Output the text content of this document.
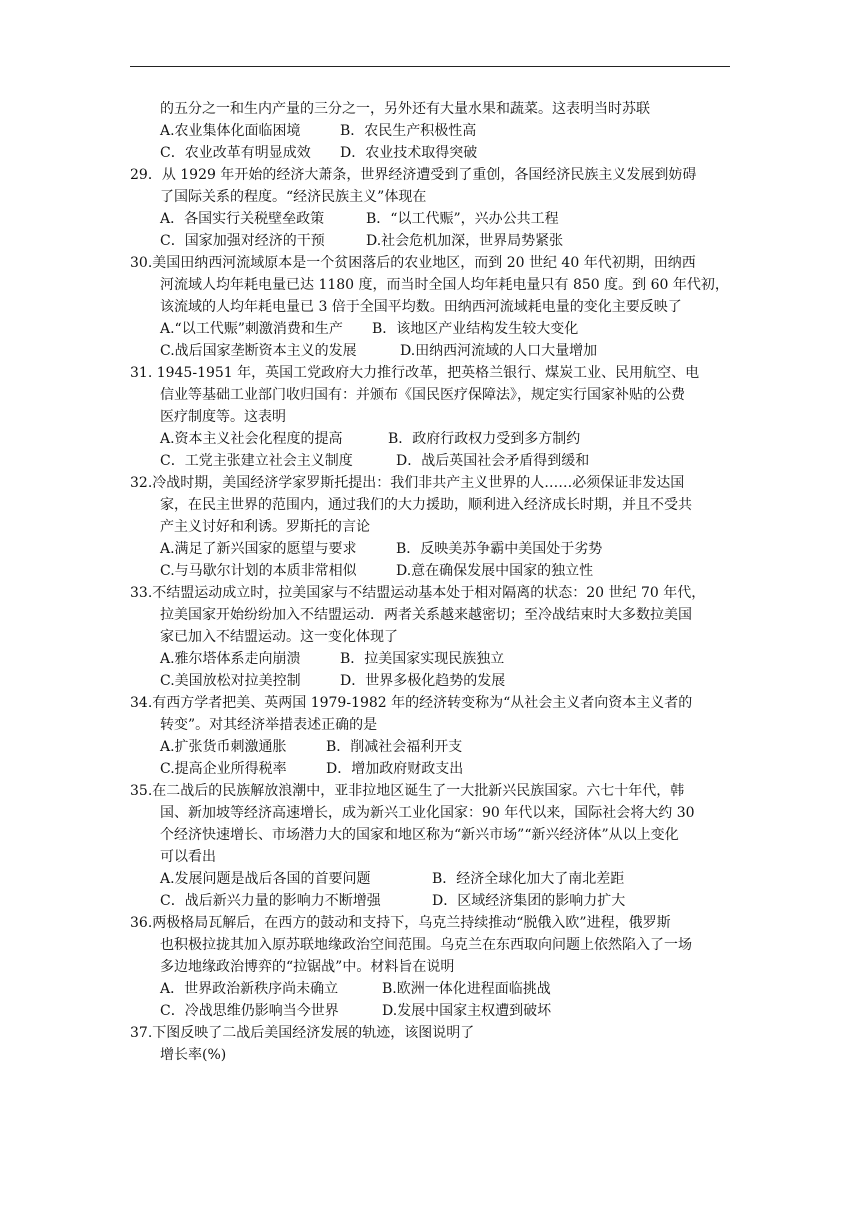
的五分之一和生内产量的三分之一，另外还有大量水果和蔬菜。这表明当时苏联
A.农业集体化面临困境	B．农民生产积极性高
C．农业改革有明显成效	D．农业技术取得突破
29．从 1929 年开始的经济大萧条，世界经济遭受到了重创，各国经济民族主义发展到妨碍
了国际关系的程度。“经济民族主义”体现在
A．各国实行关税壁垒政策	B．“以工代赈”，兴办公共工程
C．国家加强对经济的干预	D.社会危机加深，世界局势紧张
30.美国田纳西河流域原本是一个贫困落后的农业地区，而到 20 世纪 40 年代初期，田纳西
河流域人均年耗电量已达 1180 度，而当时全国人均年耗电量只有 850 度。到 60 年代初，
该流域的人均年耗电量已 3 倍于全国平均数。田纳西河流域耗电量的变化主要反映了
A.“以工代赈”刺激消费和生产	B．该地区产业结构发生较大变化
C.战后国家垄断资本主义的发展	D.田纳西河流域的人口大量增加
31. 1945-1951 年，英国工党政府大力推行改革，把英格兰银行、煤炭工业、民用航空、电
信业等基础工业部门收归国有：并颁布《国民医疗保障法》，规定实行国家补贴的公费
医疗制度等。这表明
A.资本主义社会化程度的提高	B．政府行政权力受到多方制约
C．工党主张建立社会主义制度	D．战后英国社会矛盾得到缓和
32.冷战时期，美国经济学家罗斯托提出：我们非共产主义世界的人……必须保证非发达国
家，在民主世界的范围内，通过我们的大力援助，顺利进入经济成长时期，并且不受共
产主义讨好和利诱。罗斯托的言论
A.满足了新兴国家的愿望与要求	B．反映美苏争霸中美国处于劣势
C.与马歇尔计划的本质非常相似	D.意在确保发展中国家的独立性
33.不结盟运动成立时，拉美国家与不结盟运动基本处于相对隔离的状态：20 世纪 70 年代，
拉美国家开始纷纷加入不结盟运动．两者关系越来越密切；至冷战结束时大多数拉美国
家已加入不结盟运动。这一变化体现了
A.雅尔塔体系走向崩溃	B．拉美国家实现民族独立
C.美国放松对拉美控制	D．世界多极化趋势的发展
34.有西方学者把美、英两国 1979-1982 年的经济转变称为“从社会主义者向资本主义者的
转变”。对其经济举措表述正确的是
A.扩张货币刺激通胀	B．削减社会福利开支
C.提高企业所得税率	D．增加政府财政支出
35.在二战后的民族解放浪潮中，亚非拉地区诞生了一大批新兴民族国家。六七十年代，韩
国、新加坡等经济高速增长，成为新兴工业化国家：90 年代以来，国际社会将大约 30
个经济快速增长、市场潜力大的国家和地区称为“新兴市场”“新兴经济体”从以上变化
可以看出
A.发展问题是战后各国的首要问题	B．经济全球化加大了南北差距
C．战后新兴力量的影响力不断增强	D．区域经济集团的影响力扩大
36.两极格局瓦解后，在西方的鼓动和支持下，乌克兰持续推动“脱俄入欧”进程，俄罗斯
也积极拉拢其加入原苏联地缘政治空间范围。乌克兰在东西取向问题上依然陷入了一场
多边地缘政治博弈的“拉锯战”中。材料旨在说明
A．世界政治新秩序尚未确立	B.欧洲一体化进程面临挑战
C．冷战思维仍影响当今世界	D.发展中国家主权遭到破坏
37.下图反映了二战后美国经济发展的轨迹，该图说明了
增长率(%)
